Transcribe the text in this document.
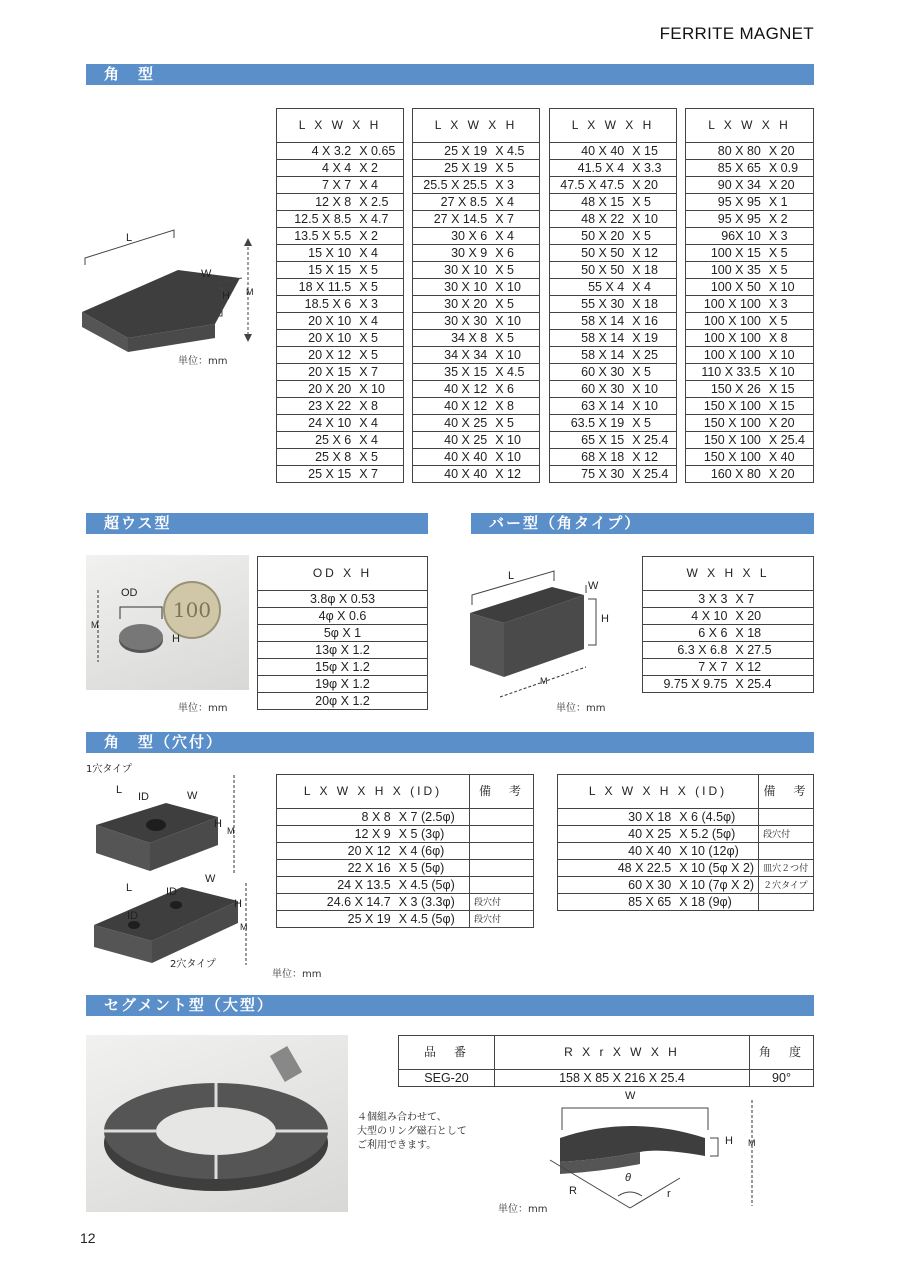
FERRITE MAGNET
角　型
L
W
H M
単位：mm
L X W X H	
4 X 3.2	X 0.65
4 X 4	X 2
7 X 7	X 4
12 X 8	X 2.5
12.5 X 8.5	X 4.7
13.5 X 5.5	X 2
15 X 10	X 4
15 X 15	X 5
18 X 11.5	X 5
18.5 X 6	X 3
20 X 10	X 4
20 X 10	X 5
20 X 12	X 5
20 X 15	X 7
20 X 20	X 10
23 X 22	X 8
24 X 10	X 4
25 X 6	X 4
25 X 8	X 5
25 X 15	X 7
L X W X H	
25 X 19	X 4.5
25 X 19	X 5
25.5 X 25.5	X 3
27 X 8.5	X 4
27 X 14.5	X 7
30 X 6	X 4
30 X 9	X 6
30 X 10	X 5
30 X 10	X 10
30 X 20	X 5
30 X 30	X 10
34 X 8	X 5
34 X 34	X 10
35 X 15	X 4.5
40 X 12	X 6
40 X 12	X 8
40 X 25	X 5
40 X 25	X 10
40 X 40	X 10
40 X 40	X 12
L X W X H	
40 X 40	X 15
41.5 X 4	X 3.3
47.5 X 47.5	X 20
48 X 15	X 5
48 X 22	X 10
50 X 20	X 5
50 X 50	X 12
50 X 50	X 18
55 X 4	X 4
55 X 30	X 18
58 X 14	X 16
58 X 14	X 19
58 X 14	X 25
60 X 30	X 5
60 X 30	X 10
63 X 14	X 10
63.5 X 19	X 5
65 X 15	X 25.4
68 X 18	X 12
75 X 30	X 25.4
L X W X H	
80 X 80	X 20
85 X 65	X 0.9
90 X 34	X 20
95 X 95	X 1
95 X 95	X 2
96X 10	X 3
100 X 15	X 5
100 X 35	X 5
100 X 50	X 10
100 X 100	X 3
100 X 100	X 5
100 X 100	X 8
100 X 100	X 10
110 X 33.5	X 10
150 X 26	X 15
150 X 100	X 15
150 X 100	X 20
150 X 100	X 25.4
150 X 100	X 40
160 X 80	X 20
超ウス型
100
OD
H
M
単位：mm
OD X H
3.8φ X 0.53
4φ X 0.6
5φ X 1
13φ X 1.2
15φ X 1.2
19φ X 1.2
20φ X 1.2
バー型（角タイプ）
L
W
H
M
単位：mm
W X H X L	
3 X 3	X 7
4 X 10	X 20
6 X 6	X 18
6.3 X 6.8	X 27.5
7 X 7	X 12
9.75 X 9.75	X 25.4
角　型（穴付）
1穴タイプ
L
ID	W
H
M
L	ID
W
ID
H
M
2穴タイプ
単位：mm
L X W X H X (ID)		備　考
8 X 8	X 7 (2.5φ)	
12 X 9	X 5 (3φ)	
20 X 12	X 4 (6φ)	
22 X 16	X 5 (5φ)	
24 X 13.5	X 4.5 (5φ)	
24.6 X 14.7	X 3 (3.3φ)	段穴付
25 X 19	X 4.5 (5φ)	段穴付
L X W X H X (ID)		備　考
30 X 18	X 6 (4.5φ)	
40 X 25	X 5.2 (5φ)	段穴付
40 X 40	X 10 (12φ)	
48 X 22.5	X 10 (5φ X 2)	皿穴２つ付
60 X 30	X 10 (7φ X 2)	２穴タイプ
85 X 65	X 18 (9φ)	
セグメント型（大型）
４個組み合わせて、
大型のリング磁石として
ご利用できます。
品　番	R X r X W X H	角　度
SEG-20	158 X 85 X 216 X 25.4	90°
W
H M
R	r
θ
単位：mm
12
